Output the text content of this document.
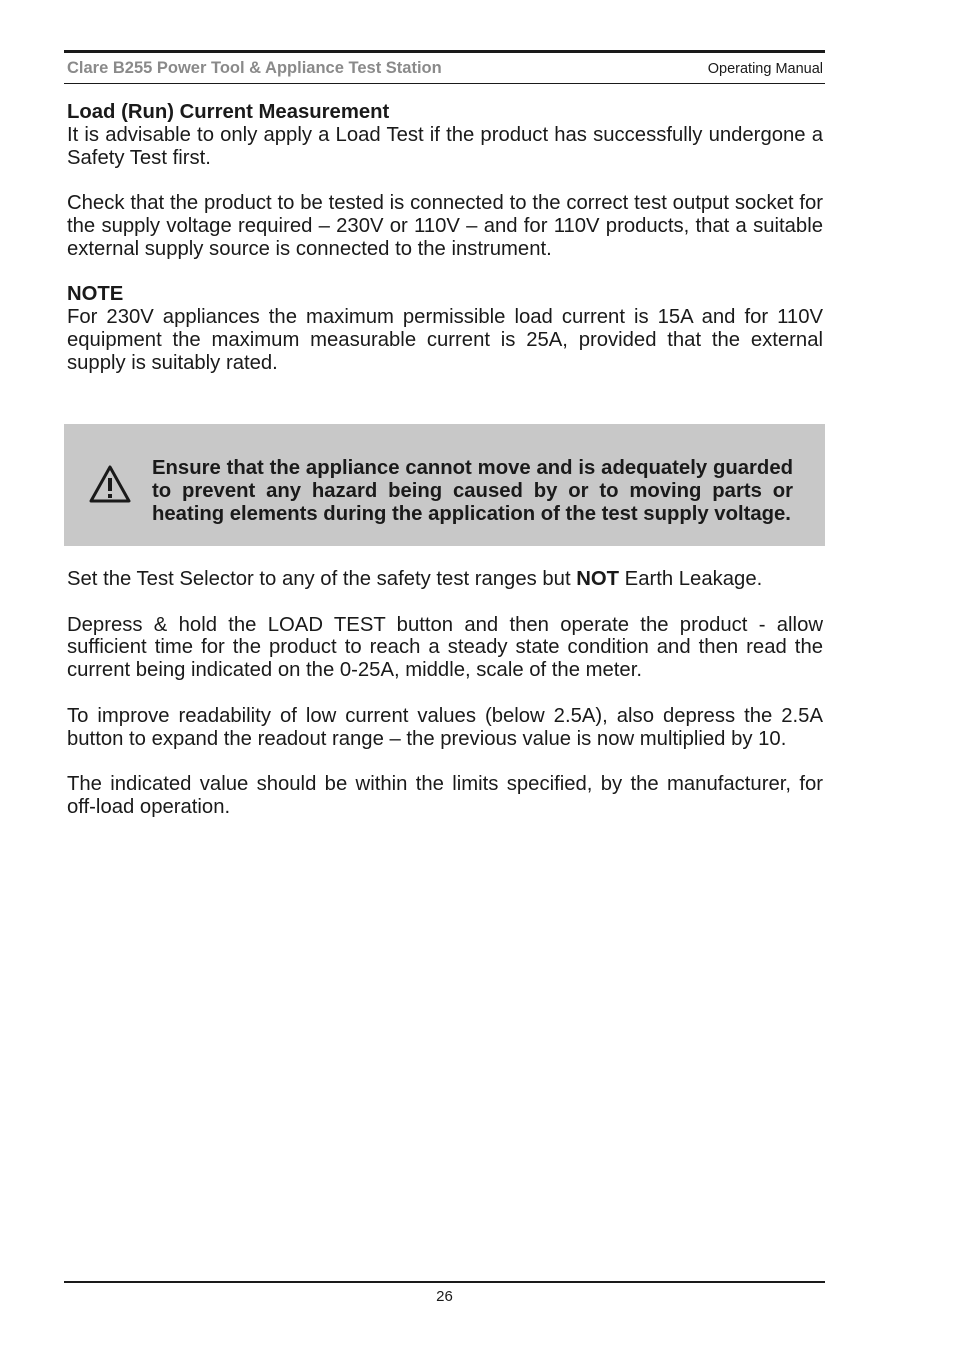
Clare B255 Power Tool & Appliance Test Station	Operating Manual

Load (Run) Current Measurement

It is advisable to only apply a Load Test if the product has successfully undergone a Safety Test first.

Check that the product to be tested is connected to the correct test output socket for the supply voltage required – 230V or 110V – and for 110V products, that a suitable external supply source is connected to the instrument.

NOTE

For 230V appliances the maximum permissible load current is 15A and for 110V equipment the maximum measurable current is 25A, provided that the external supply is suitably rated.

Ensure that the appliance cannot move and is adequately guarded to prevent any hazard being caused by or to moving parts or heating elements during the application of the test supply voltage.

Set the Test Selector to any of the safety test ranges but NOT Earth Leakage.

Depress & hold the LOAD TEST button and then operate the product - allow sufficient time for the product to reach a steady state condition and then read the current being indicated on the 0-25A, middle, scale of the meter.

To improve readability of low current values (below 2.5A), also depress the 2.5A button to expand the readout range – the previous value is now multiplied by 10.

The indicated value should be within the limits specified, by the manufacturer, for off-load operation.

26
